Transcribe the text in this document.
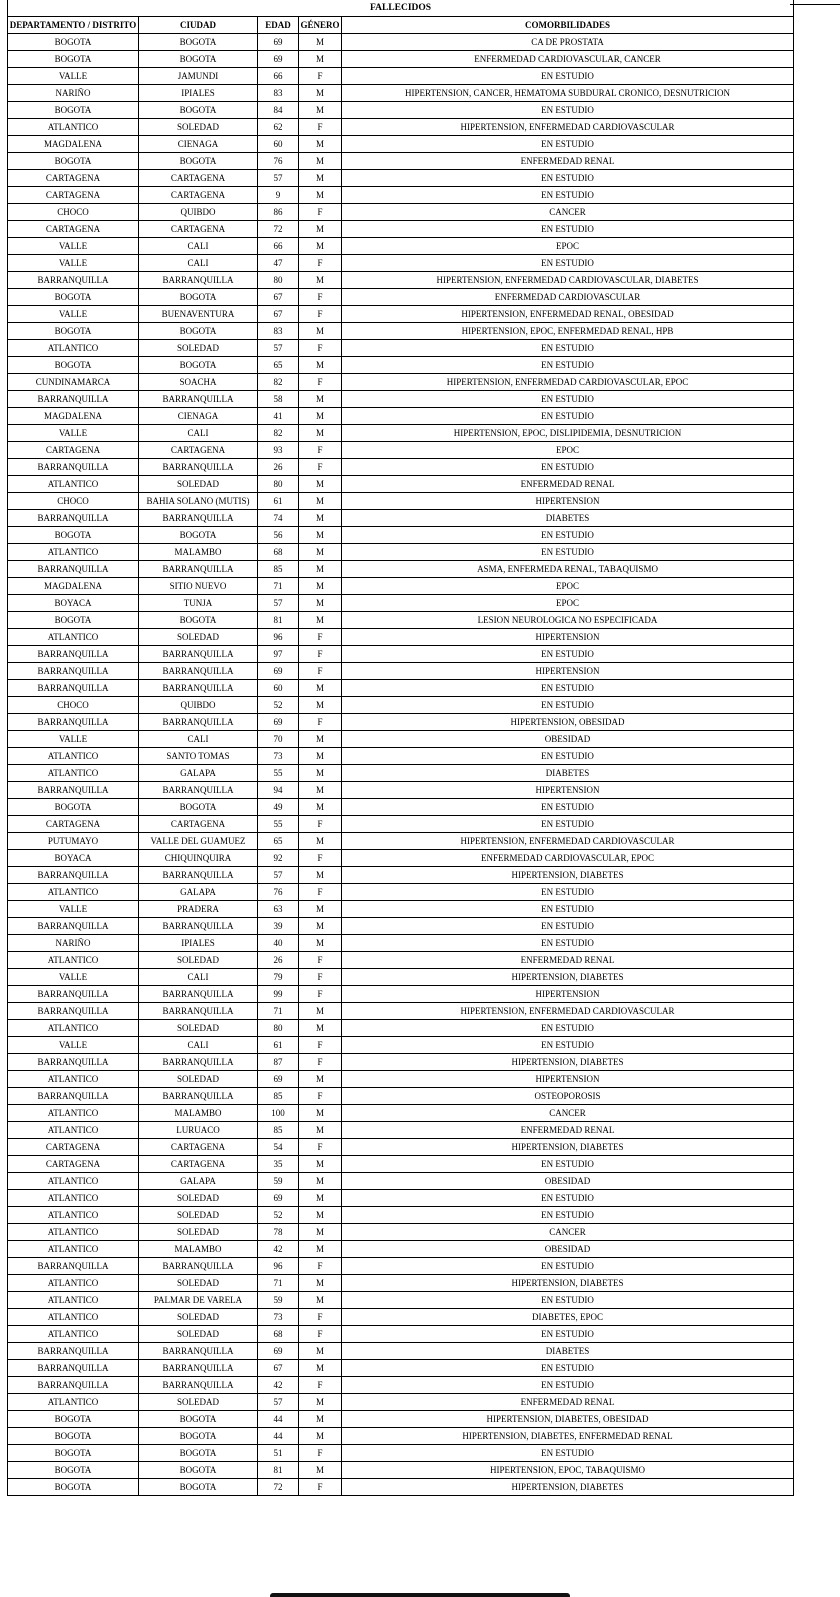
FALLECIDOS				
DEPARTAMENTO / DISTRITO	CIUDAD	EDAD	GÉNERO	COMORBILIDADES
BOGOTA	BOGOTA	69	M	CA DE PROSTATA
BOGOTA	BOGOTA	69	M	ENFERMEDAD CARDIOVASCULAR, CANCER
VALLE	JAMUNDI	66	F	EN ESTUDIO
NARIÑO	IPIALES	83	M	HIPERTENSION, CANCER, HEMATOMA SUBDURAL CRONICO, DESNUTRICION
BOGOTA	BOGOTA	84	M	EN ESTUDIO
ATLANTICO	SOLEDAD	62	F	HIPERTENSION, ENFERMEDAD CARDIOVASCULAR
MAGDALENA	CIENAGA	60	M	EN ESTUDIO
BOGOTA	BOGOTA	76	M	ENFERMEDAD RENAL
CARTAGENA	CARTAGENA	57	M	EN ESTUDIO
CARTAGENA	CARTAGENA	9	M	EN ESTUDIO
CHOCO	QUIBDO	86	F	CANCER
CARTAGENA	CARTAGENA	72	M	EN ESTUDIO
VALLE	CALI	66	M	EPOC
VALLE	CALI	47	F	EN ESTUDIO
BARRANQUILLA	BARRANQUILLA	80	M	HIPERTENSION, ENFERMEDAD CARDIOVASCULAR, DIABETES
BOGOTA	BOGOTA	67	F	ENFERMEDAD CARDIOVASCULAR
VALLE	BUENAVENTURA	67	F	HIPERTENSION, ENFERMEDAD RENAL, OBESIDAD
BOGOTA	BOGOTA	83	M	HIPERTENSION, EPOC, ENFERMEDAD RENAL, HPB
ATLANTICO	SOLEDAD	57	F	EN ESTUDIO
BOGOTA	BOGOTA	65	M	EN ESTUDIO
CUNDINAMARCA	SOACHA	82	F	HIPERTENSION, ENFERMEDAD CARDIOVASCULAR, EPOC
BARRANQUILLA	BARRANQUILLA	58	M	EN ESTUDIO
MAGDALENA	CIENAGA	41	M	EN ESTUDIO
VALLE	CALI	82	M	HIPERTENSION, EPOC, DISLIPIDEMIA, DESNUTRICION
CARTAGENA	CARTAGENA	93	F	EPOC
BARRANQUILLA	BARRANQUILLA	26	F	EN ESTUDIO
ATLANTICO	SOLEDAD	80	M	ENFERMEDAD RENAL
CHOCO	BAHIA SOLANO (MUTIS)	61	M	HIPERTENSION
BARRANQUILLA	BARRANQUILLA	74	M	DIABETES
BOGOTA	BOGOTA	56	M	EN ESTUDIO
ATLANTICO	MALAMBO	68	M	EN ESTUDIO
BARRANQUILLA	BARRANQUILLA	85	M	ASMA, ENFERMEDA RENAL, TABAQUISMO
MAGDALENA	SITIO NUEVO	71	M	EPOC
BOYACA	TUNJA	57	M	EPOC
BOGOTA	BOGOTA	81	M	LESION NEUROLOGICA NO ESPECIFICADA
ATLANTICO	SOLEDAD	96	F	HIPERTENSION
BARRANQUILLA	BARRANQUILLA	97	F	EN ESTUDIO
BARRANQUILLA	BARRANQUILLA	69	F	HIPERTENSION
BARRANQUILLA	BARRANQUILLA	60	M	EN ESTUDIO
CHOCO	QUIBDO	52	M	EN ESTUDIO
BARRANQUILLA	BARRANQUILLA	69	F	HIPERTENSION, OBESIDAD
VALLE	CALI	70	M	OBESIDAD
ATLANTICO	SANTO TOMAS	73	M	EN ESTUDIO
ATLANTICO	GALAPA	55	M	DIABETES
BARRANQUILLA	BARRANQUILLA	94	M	HIPERTENSION
BOGOTA	BOGOTA	49	M	EN ESTUDIO
CARTAGENA	CARTAGENA	55	F	EN ESTUDIO
PUTUMAYO	VALLE DEL GUAMUEZ	65	M	HIPERTENSION, ENFERMEDAD CARDIOVASCULAR
BOYACA	CHIQUINQUIRA	92	F	ENFERMEDAD CARDIOVASCULAR, EPOC
BARRANQUILLA	BARRANQUILLA	57	M	HIPERTENSION, DIABETES
ATLANTICO	GALAPA	76	F	EN ESTUDIO
VALLE	PRADERA	63	M	EN ESTUDIO
BARRANQUILLA	BARRANQUILLA	39	M	EN ESTUDIO
NARIÑO	IPIALES	40	M	EN ESTUDIO
ATLANTICO	SOLEDAD	26	F	ENFERMEDAD RENAL
VALLE	CALI	79	F	HIPERTENSION, DIABETES
BARRANQUILLA	BARRANQUILLA	99	F	HIPERTENSION
BARRANQUILLA	BARRANQUILLA	71	M	HIPERTENSION, ENFERMEDAD CARDIOVASCULAR
ATLANTICO	SOLEDAD	80	M	EN ESTUDIO
VALLE	CALI	61	F	EN ESTUDIO
BARRANQUILLA	BARRANQUILLA	87	F	HIPERTENSION, DIABETES
ATLANTICO	SOLEDAD	69	M	HIPERTENSION
BARRANQUILLA	BARRANQUILLA	85	F	OSTEOPOROSIS
ATLANTICO	MALAMBO	100	M	CANCER
ATLANTICO	LURUACO	85	M	ENFERMEDAD RENAL
CARTAGENA	CARTAGENA	54	F	HIPERTENSION, DIABETES
CARTAGENA	CARTAGENA	35	M	EN ESTUDIO
ATLANTICO	GALAPA	59	M	OBESIDAD
ATLANTICO	SOLEDAD	69	M	EN ESTUDIO
ATLANTICO	SOLEDAD	52	M	EN ESTUDIO
ATLANTICO	SOLEDAD	78	M	CANCER
ATLANTICO	MALAMBO	42	M	OBESIDAD
BARRANQUILLA	BARRANQUILLA	96	F	EN ESTUDIO
ATLANTICO	SOLEDAD	71	M	HIPERTENSION, DIABETES
ATLANTICO	PALMAR DE VARELA	59	M	EN ESTUDIO
ATLANTICO	SOLEDAD	73	F	DIABETES, EPOC
ATLANTICO	SOLEDAD	68	F	EN ESTUDIO
BARRANQUILLA	BARRANQUILLA	69	M	DIABETES
BARRANQUILLA	BARRANQUILLA	67	M	EN ESTUDIO
BARRANQUILLA	BARRANQUILLA	42	F	EN ESTUDIO
ATLANTICO	SOLEDAD	57	M	ENFERMEDAD RENAL
BOGOTA	BOGOTA	44	M	HIPERTENSION, DIABETES, OBESIDAD
BOGOTA	BOGOTA	44	M	HIPERTENSION, DIABETES, ENFERMEDAD RENAL
BOGOTA	BOGOTA	51	F	EN ESTUDIO
BOGOTA	BOGOTA	81	M	HIPERTENSION, EPOC, TABAQUISMO
BOGOTA	BOGOTA	72	F	HIPERTENSION, DIABETES
